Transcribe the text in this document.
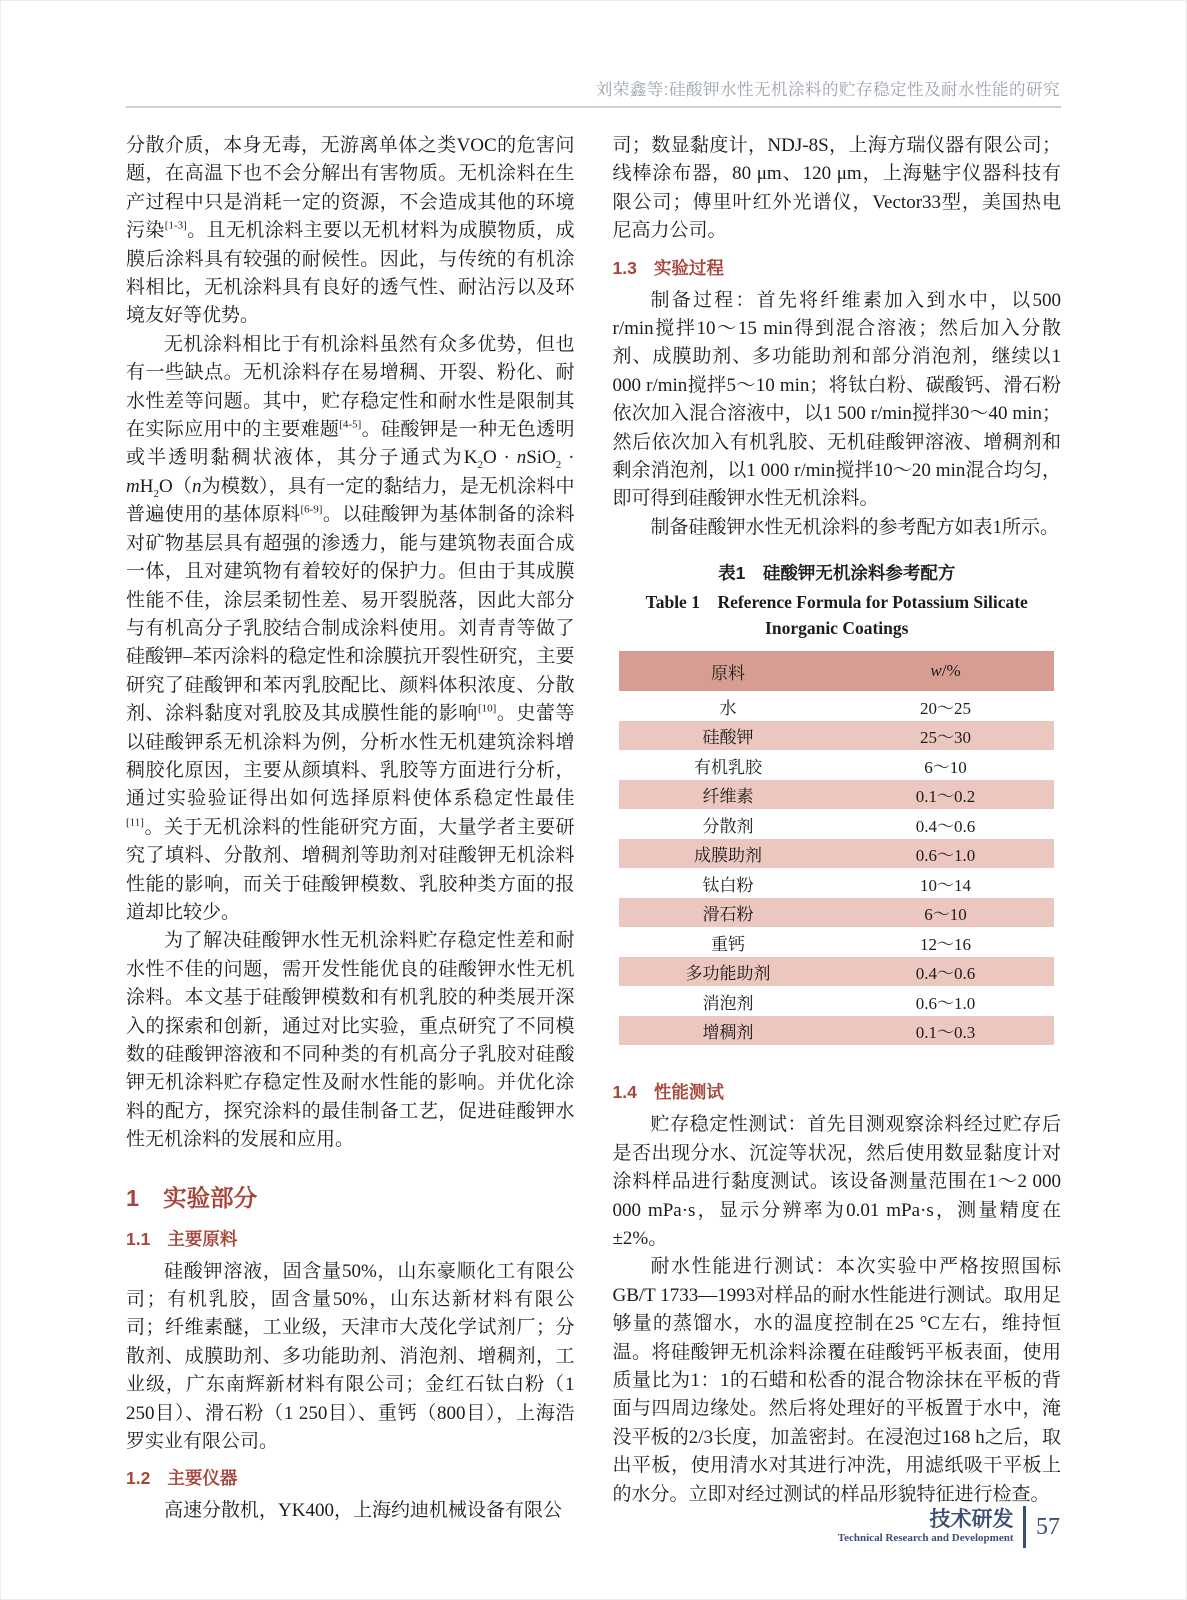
刘荣鑫等:硅酸钾水性无机涂料的贮存稳定性及耐水性能的研究

分散介质，本身无毒，无游离单体之类VOC的危害问题，在高温下也不会分解出有害物质。无机涂料在生产过程中只是消耗一定的资源，不会造成其他的环境污染[1-3]。且无机涂料主要以无机材料为成膜物质，成膜后涂料具有较强的耐候性。因此，与传统的有机涂料相比，无机涂料具有良好的透气性、耐沾污以及环境友好等优势。

无机涂料相比于有机涂料虽然有众多优势，但也有一些缺点。无机涂料存在易增稠、开裂、粉化、耐水性差等问题。其中，贮存稳定性和耐水性是限制其在实际应用中的主要难题[4-5]。硅酸钾是一种无色透明或半透明黏稠状液体，其分子通式为$K_2O$ · nSiO$_2$ · $mH_2O(n$为模数），具有一定的黏结力，是无机涂料中普遍使用的基体原料[6-9]。以硅酸钾为基体制备的涂料对矿物基层具有超强的渗透力，能与建筑物表面合成一体，且对建筑物有着较好的保护力。但由于其成膜性能不佳，涂层柔韧性差、易开裂脱落，因此大部分与有机高分子乳胶结合制成涂料使用。刘青青等做了硅酸钾–苯丙涂料的稳定性和涂膜抗开裂性研究，主要研究了硅酸钾和苯丙乳胶配比、颜料体积浓度、分散剂、涂料黏度对乳胶及其成膜性能的影响[10]。史蕾等以硅酸钾系无机涂料为例，分析水性无机建筑涂料增稠胶化原因，主要从颜填料、乳胶等方面进行分析，通过实验验证得出如何选择原料使体系稳定性最佳[11]。关于无机涂料的性能研究方面，大量学者主要研究了填料、分散剂、增稠剂等助剂对硅酸钾无机涂料性能的影响，而关于硅酸钾模数、乳胶种类方面的报道却比较少。

为了解决硅酸钾水性无机涂料贮存稳定性差和耐水性不佳的问题，需开发性能优良的硅酸钾水性无机涂料。本文基于硅酸钾模数和有机乳胶的种类展开深入的探索和创新，通过对比实验，重点研究了不同模数的硅酸钾溶液和不同种类的有机高分子乳胶对硅酸钾无机涂料贮存稳定性及耐水性能的影响。并优化涂料的配方，探究涂料的最佳制备工艺，促进硅酸钾水性无机涂料的发展和应用。

1 实验部分
1.1 主要原料

硅酸钾溶液，固含量50%，山东豪顺化工有限公司；有机乳胶，固含量50%，山东达新材料有限公司；纤维素醚，工业级，天津市大茂化学试剂厂；分散剂、成膜助剂、多功能助剂、消泡剂、增稠剂，工业级，广东南辉新材料有限公司；金红石钛白粉（1 250目）、滑石粉（1 250目）、重钙（800目），上海浩罗实业有限公司。

1.2 主要仪器

高速分散机，YK400，上海约迪机械设备有限公

司；数显黏度计，NDJ-8S，上海方瑞仪器有限公司；线棒涂布器，80 μm、120 μm，上海魅宇仪器科技有限公司；傅里叶红外光谱仪，Vector33型，美国热电尼高力公司。

1.3 实验过程

制备过程：首先将纤维素加入到水中，以500 r/min搅拌10～15 min得到混合溶液；然后加入分散剂、成膜助剂、多功能助剂和部分消泡剂，继续以1 000 r/min搅拌5～10 min；将钛白粉、碳酸钙、滑石粉依次加入混合溶液中，以1 500 r/min搅拌30～40 min；然后依次加入有机乳胶、无机硅酸钾溶液、增稠剂和剩余消泡剂，以1 000 r/min搅拌10～20 min混合均匀，即可得到硅酸钾水性无机涂料。

制备硅酸钾水性无机涂料的参考配方如表1所示。

表1　硅酸钾无机涂料参考配方
Table 1　Reference Formula for Potassium Silicate Inorganic Coatings
原料	w/%
水	20～25
硅酸钾	25～30
有机乳胶	6～10
纤维素	0.1～0.2
分散剂	0.4～0.6
成膜助剂	0.6～1.0
钛白粉	10～14
滑石粉	6～10
重钙	12～16
多功能助剂	0.4～0.6
消泡剂	0.6～1.0
增稠剂	0.1～0.3
1.4 性能测试

贮存稳定性测试：首先目测观察涂料经过贮存后是否出现分水、沉淀等状况，然后使用数显黏度计对涂料样品进行黏度测试。该设备测量范围在1～2 000 000 mPa·s，显示分辨率为0.01 mPa·s，测量精度在±2%。

耐水性能进行测试：本次实验中严格按照国标GB/T 1733—1993对样品的耐水性能进行测试。取用足够量的蒸馏水，水的温度控制在25 °C左右，维持恒温。将硅酸钾无机涂料涂覆在硅酸钙平板表面，使用质量比为1：1的石蜡和松香的混合物涂抹在平板的背面与四周边缘处。然后将处理好的平板置于水中，淹没平板的2/3长度，加盖密封。在浸泡过168 h之后，取出平板，使用清水对其进行冲洗，用滤纸吸干平板上的水分。立即对经过测试的样品形貌特征进行检查。

技术研发
Technical Research and Development 57
